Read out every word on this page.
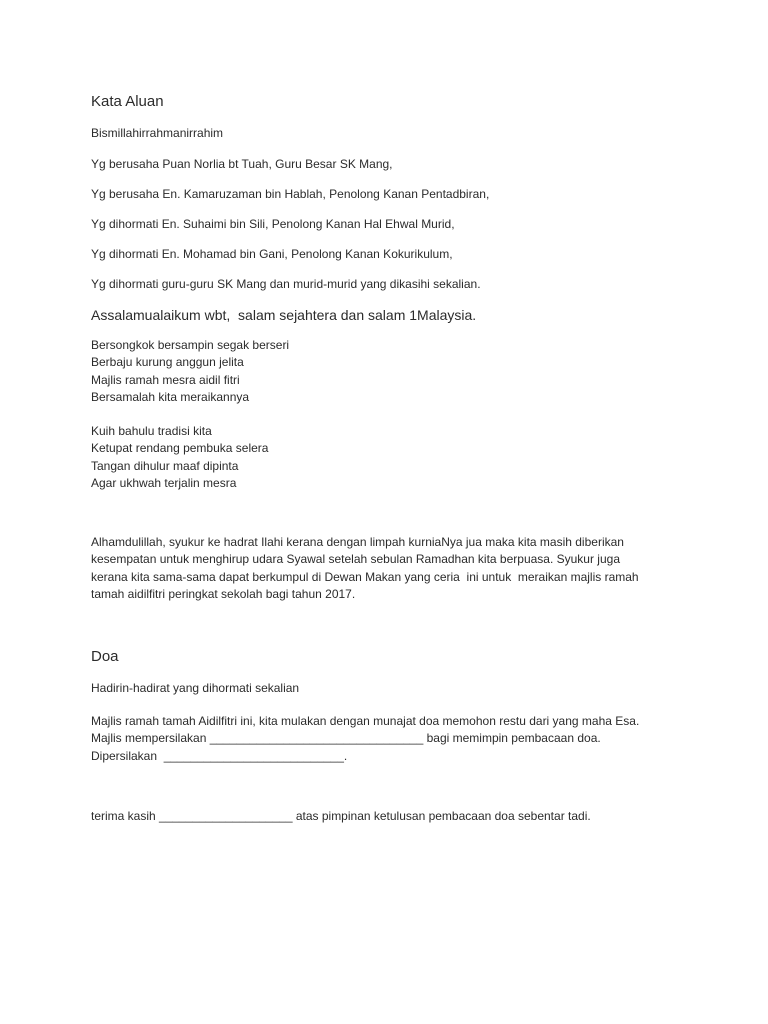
Kata Aluan
Bismillahirrahmanirrahim
Yg berusaha Puan Norlia bt Tuah, Guru Besar SK Mang,
Yg berusaha En. Kamaruzaman bin Hablah, Penolong Kanan Pentadbiran,
Yg dihormati En. Suhaimi bin Sili, Penolong Kanan Hal Ehwal Murid,
Yg dihormati En. Mohamad bin Gani, Penolong Kanan Kokurikulum,
Yg dihormati guru-guru SK Mang dan murid-murid yang dikasihi sekalian.
Assalamualaikum wbt,  salam sejahtera dan salam 1Malaysia.
Bersongkok bersampin segak berseri
Berbaju kurung anggun jelita
Majlis ramah mesra aidil fitri
Bersamalah kita meraikannya
Kuih bahulu tradisi kita
Ketupat rendang pembuka selera
Tangan dihulur maaf dipinta
Agar ukhwah terjalin mesra
Alhamdulillah, syukur ke hadrat Ilahi kerana dengan limpah kurniaNya jua maka kita masih diberikan
kesempatan untuk menghirup udara Syawal setelah sebulan Ramadhan kita berpuasa. Syukur juga
kerana kita sama-sama dapat berkumpul di Dewan Makan yang ceria  ini untuk  meraikan majlis ramah
tamah aidilfitri peringkat sekolah bagi tahun 2017.
Doa
Hadirin-hadirat yang dihormati sekalian
Majlis ramah tamah Aidilfitri ini, kita mulakan dengan munajat doa memohon restu dari yang maha Esa.
Majlis mempersilakan ________________________________ bagi memimpin pembacaan doa.
Dipersilakan  ___________________________.
terima kasih ____________________ atas pimpinan ketulusan pembacaan doa sebentar tadi.
